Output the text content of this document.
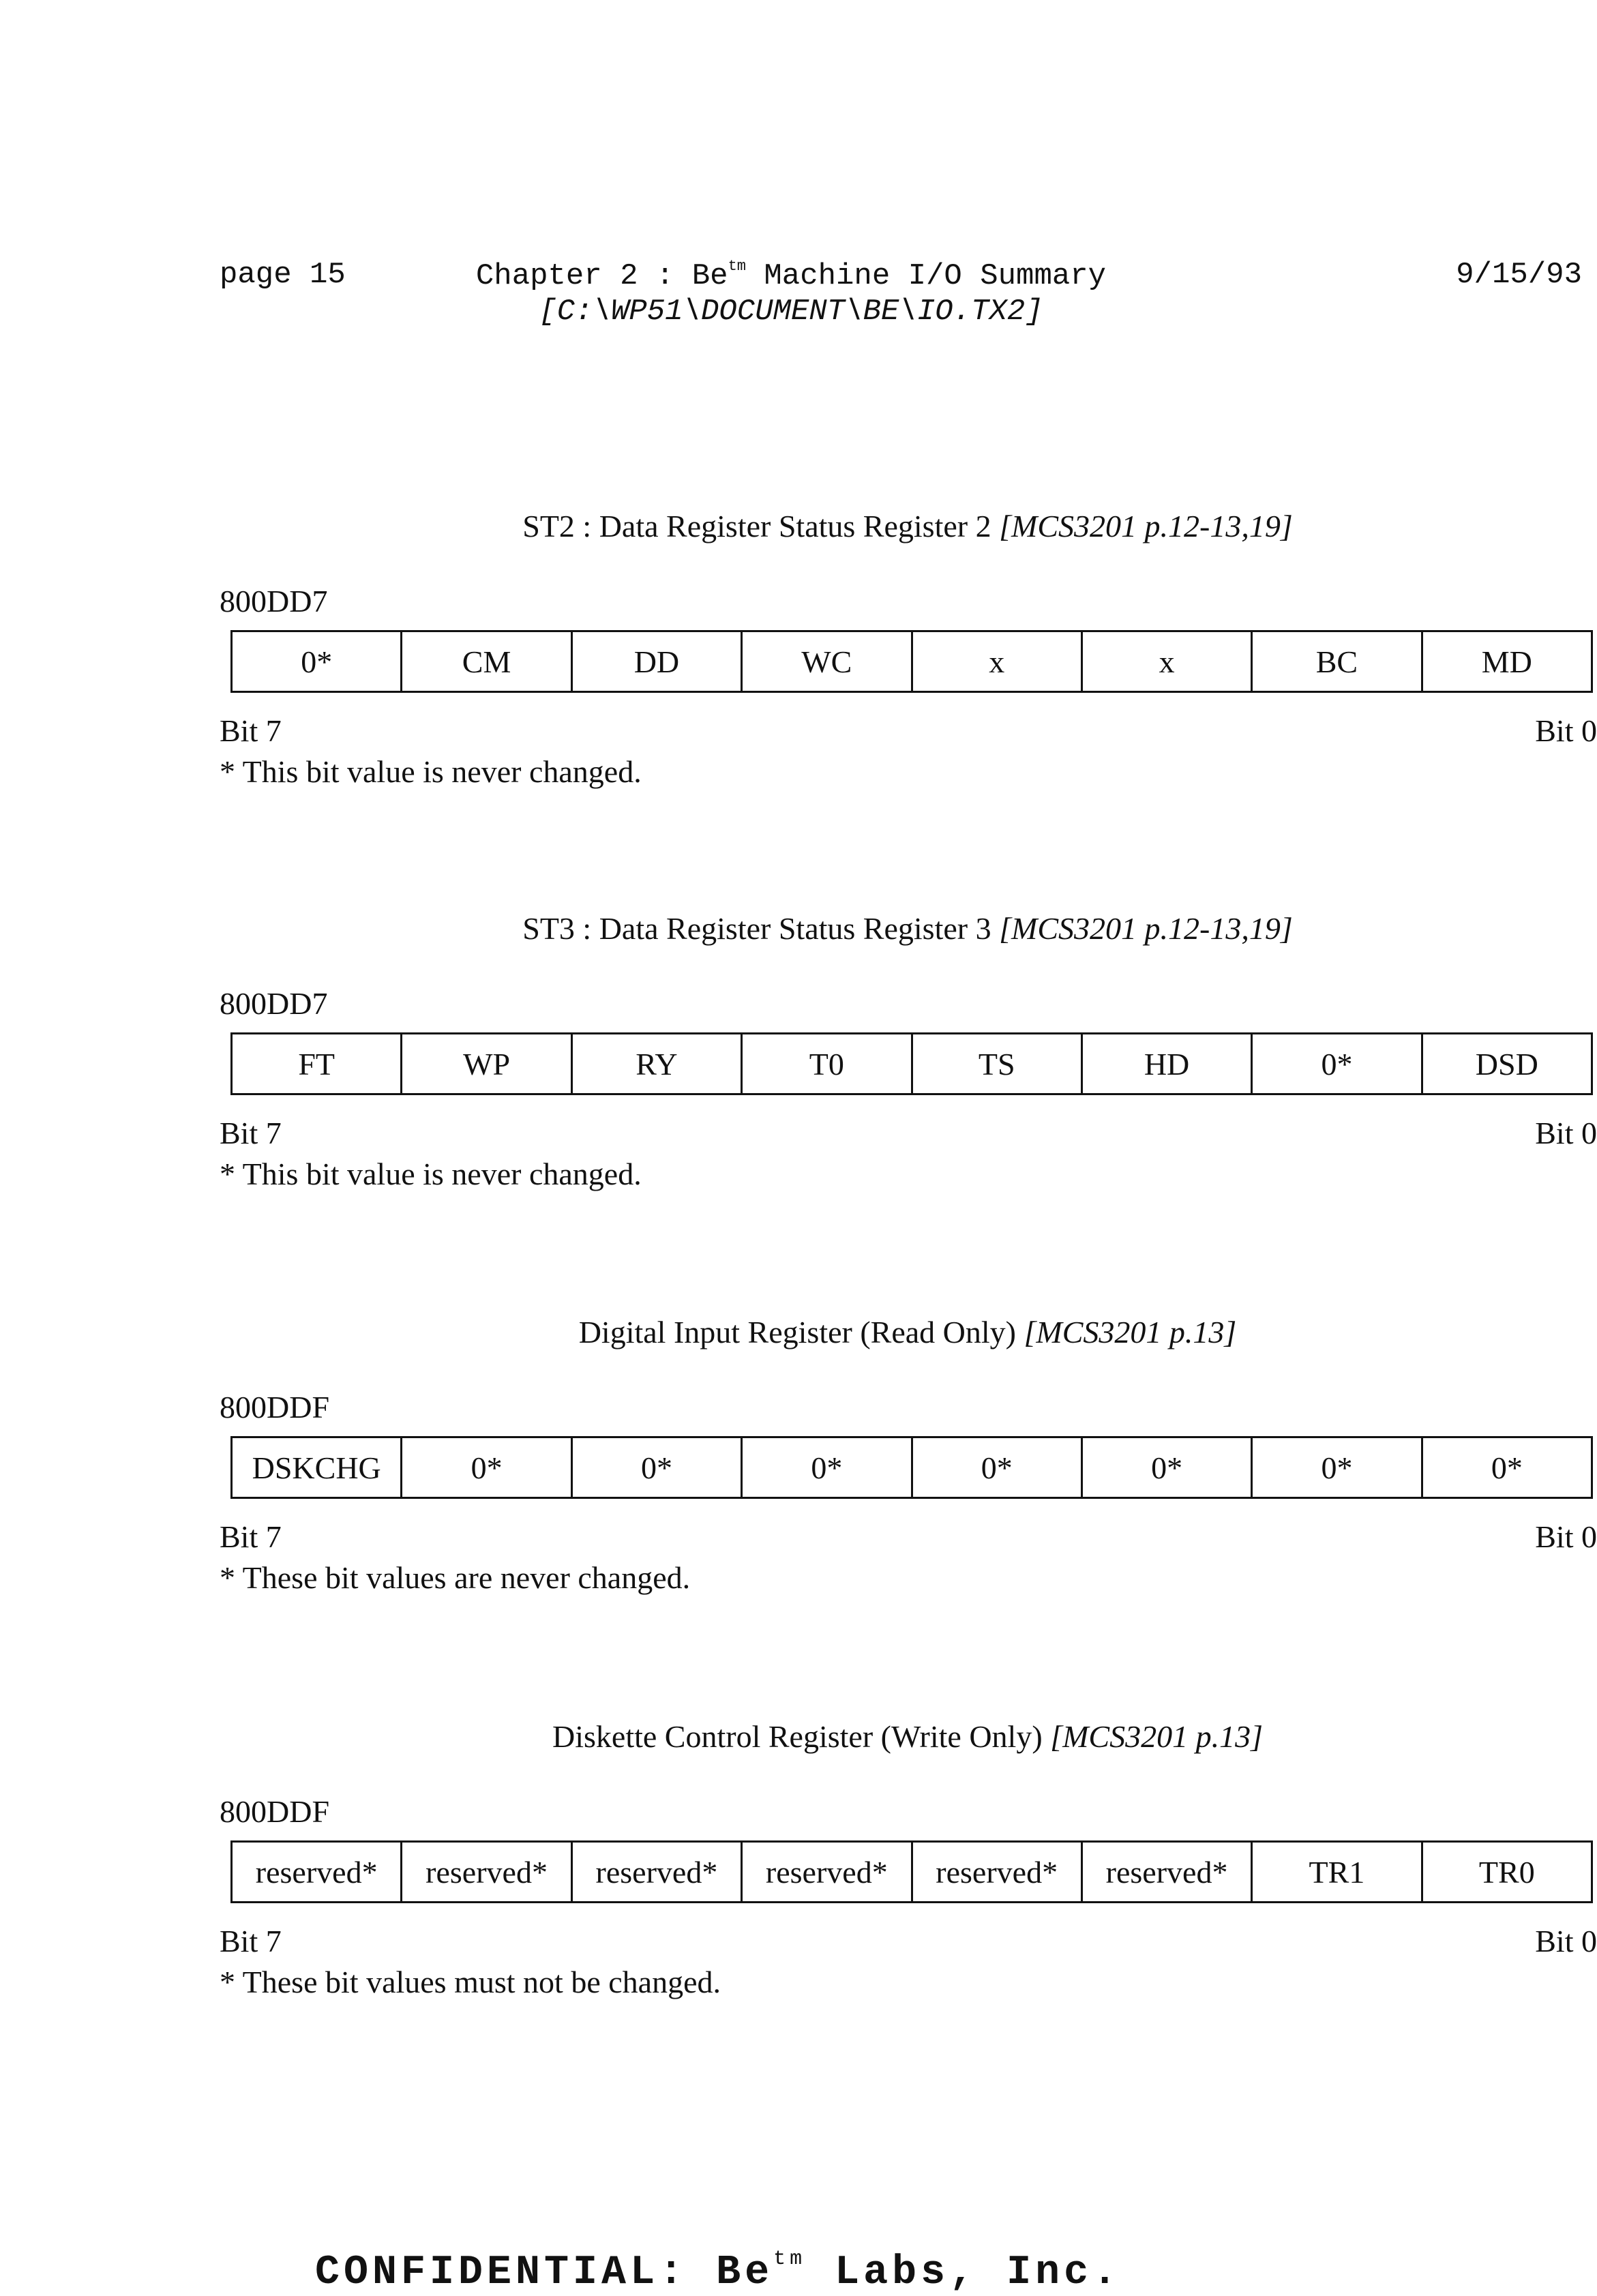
page 15	Chapter 2 : $Be^{tm}$ Machine I/O Summary	9/15/93
[C:\WP51\DOCUMENT\BE\IO.TX2]
ST2 : Data Register Status Register 2 [MCS3201 p.12-13,19]
800DD7
0*	CM	DD	WC	x	x	BC	MD
Bit 7	Bit 0
* This bit value is never changed.
ST3 : Data Register Status Register 3 [MCS3201 p.12-13,19]
800DD7
FT	WP	RY	T0	TS	HD	0*	DSD
Bit 7	Bit 0
* This bit value is never changed.
Digital Input Register (Read Only) [MCS3201 p.13]
800DDF
DSKCHG	0*	0*	0*	0*	0*	0*	0*
Bit 7	Bit 0
* These bit values are never changed.
Diskette Control Register (Write Only) [MCS3201 p.13]
800DDF
reserved*	reserved*	reserved*	reserved*	reserved*	reserved*	TR1	TR0
Bit 7	Bit 0
* These bit values must not be changed.
CONFIDENTIAL: $Be^{tm}$ Labs, Inc.
